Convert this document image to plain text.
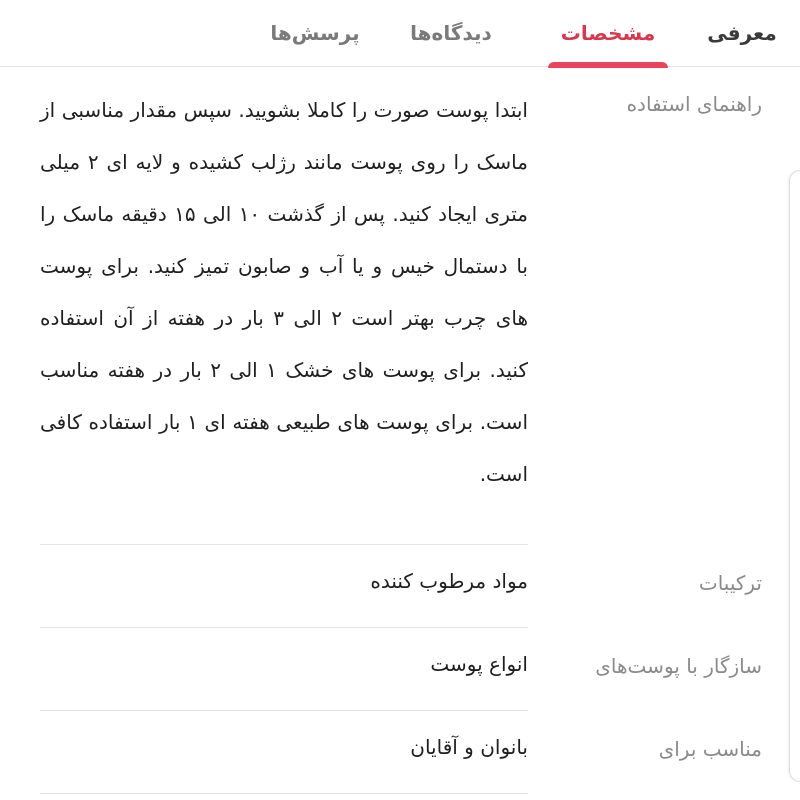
معرفی
مشخصات
دیدگاه‌ها
پرسش‌ها
راهنمای استفاده
ابتدا پوست صورت را کاملا بشویید. سپس مقدار مناسبی از ماسک را روی پوست مانند رژلب کشیده و لایه ای ۲ میلی متری ایجاد کنید. پس از گذشت ۱۰ الی ۱۵ دقیقه ماسک را با دستمال خیس و یا آب و صابون تمیز کنید. برای پوست های چرب بهتر است ۲ الی ۳ بار در هفته از آن استفاده کنید. برای پوست های خشک ۱ الی ۲ بار در هفته مناسب است. برای پوست های طبیعی هفته ای ۱ بار استفاده کافی است.
ترکیبات
مواد مرطوب کننده
سازگار با پوست‌های
انواع پوست
مناسب برای
بانوان و آقایان
